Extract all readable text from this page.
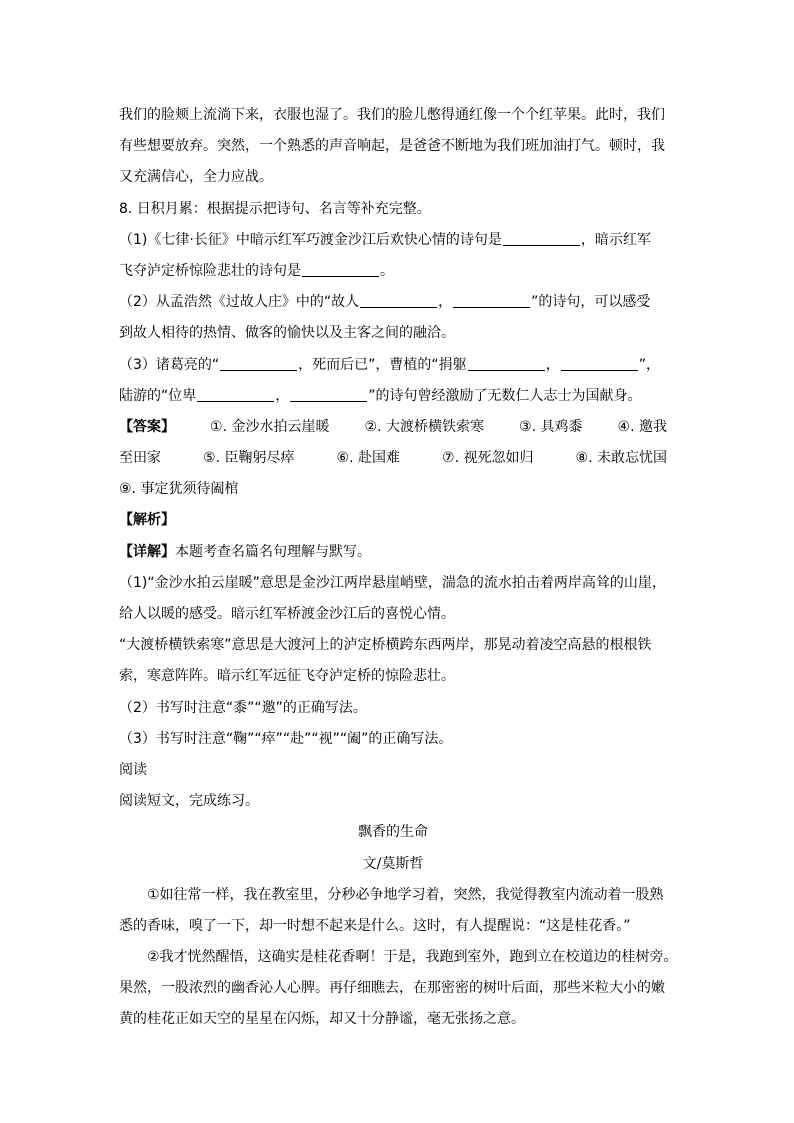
我们的脸颊上流淌下来，衣服也湿了。我们的脸儿憋得通红像一个个红苹果。此时，我们
有些想要放弃。突然，一个熟悉的声音响起，是爸爸不断地为我们班加油打气。顿时，我
又充满信心，全力应战。
8. 日积月累：根据提示把诗句、名言等补充完整。
（1)《七律·长征》中暗示红军巧渡金沙江后欢快心情的诗句是	，暗示红军
飞夺泸定桥惊险悲壮的诗句是	。
（2）从孟浩然《过故人庄》中的“故人	，	”的诗句，可以感受
到故人相待的热情、做客的愉快以及主客之间的融洽。
（3）诸葛亮的“	，死而后已”，曹植的“捐躯	，	”，
陆游的“位卑	，	”的诗句曾经激励了无数仁人志士为国献身。
【答案】	①. 金沙水拍云崖暖	②. 大渡桥横铁索寒	③. 具鸡黍	④. 邀我
至田家	⑤. 臣鞠躬尽瘁	⑥. 赴国难	⑦. 视死忽如归	⑧. 未敢忘忧国
⑨. 事定犹须待阖棺
【解析】
【详解】本题考查名篇名句理解与默写。
（1)“金沙水拍云崖暖”意思是金沙江两岸悬崖峭壁，湍急的流水拍击着两岸高耸的山崖，
给人以暖的感受。暗示红军桥渡金沙江后的喜悦心情。
“大渡桥横铁索寒”意思是大渡河上的泸定桥横跨东西两岸，那晃动着凌空高悬的根根铁
索，寒意阵阵。暗示红军远征飞夺泸定桥的惊险悲壮。
（2）书写时注意“黍”“邀”的正确写法。
（3）书写时注意“鞠”“瘁”“赴”“视”“阖”的正确写法。
阅读
阅读短文，完成练习。
飘香的生命
文/莫斯哲
①如往常一样，我在教室里，分秒必争地学习着，突然，我觉得教室内流动着一股熟
悉的香味，嗅了一下，却一时想不起来是什么。这时，有人提醒说：“这是桂花香。”
②我才恍然醒悟，这确实是桂花香啊！于是，我跑到室外，跑到立在校道边的桂树旁。
果然，一股浓烈的幽香沁人心脾。再仔细瞧去，在那密密的树叶后面，那些米粒大小的嫩
黄的桂花正如天空的星星在闪烁，却又十分静谧，毫无张扬之意。
